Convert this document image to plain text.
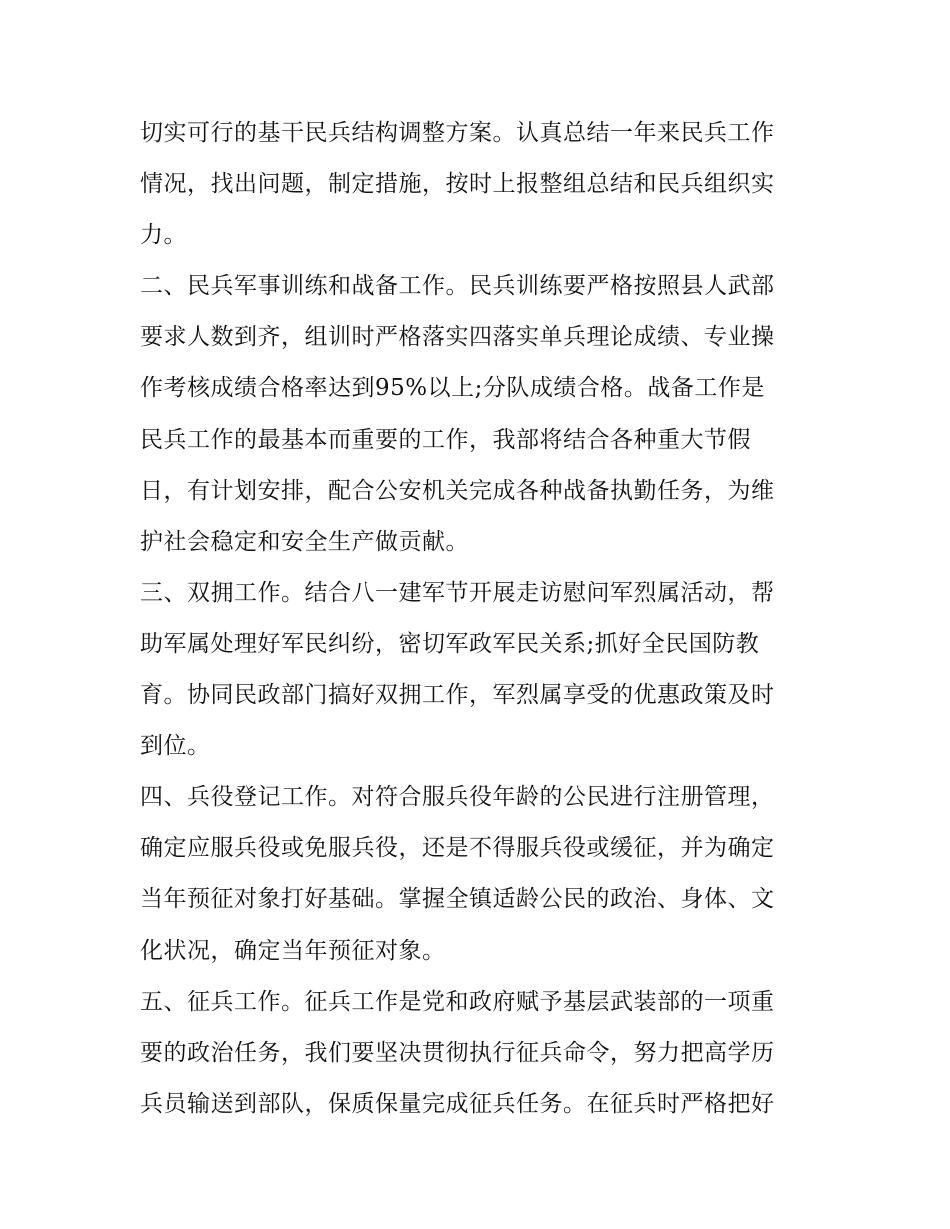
切实可行的基干民兵结构调整方案。认真总结一年来民兵工作
情况，找出问题，制定措施，按时上报整组总结和民兵组织实
力。
二、民兵军事训练和战备工作。民兵训练要严格按照县人武部
要求人数到齐，组训时严格落实四落实单兵理论成绩、专业操
作考核成绩合格率达到95%以上;分队成绩合格。战备工作是
民兵工作的最基本而重要的工作，我部将结合各种重大节假
日，有计划安排，配合公安机关完成各种战备执勤任务，为维
护社会稳定和安全生产做贡献。
三、双拥工作。结合八一建军节开展走访慰问军烈属活动，帮
助军属处理好军民纠纷，密切军政军民关系;抓好全民国防教
育。协同民政部门搞好双拥工作，军烈属享受的优惠政策及时
到位。
四、兵役登记工作。对符合服兵役年龄的公民进行注册管理，
确定应服兵役或免服兵役，还是不得服兵役或缓征，并为确定
当年预征对象打好基础。掌握全镇适龄公民的政治、身体、文
化状况，确定当年预征对象。
五、征兵工作。征兵工作是党和政府赋予基层武装部的一项重
要的政治任务，我们要坚决贯彻执行征兵命令，努力把高学历
兵员输送到部队，保质保量完成征兵任务。在征兵时严格把好
